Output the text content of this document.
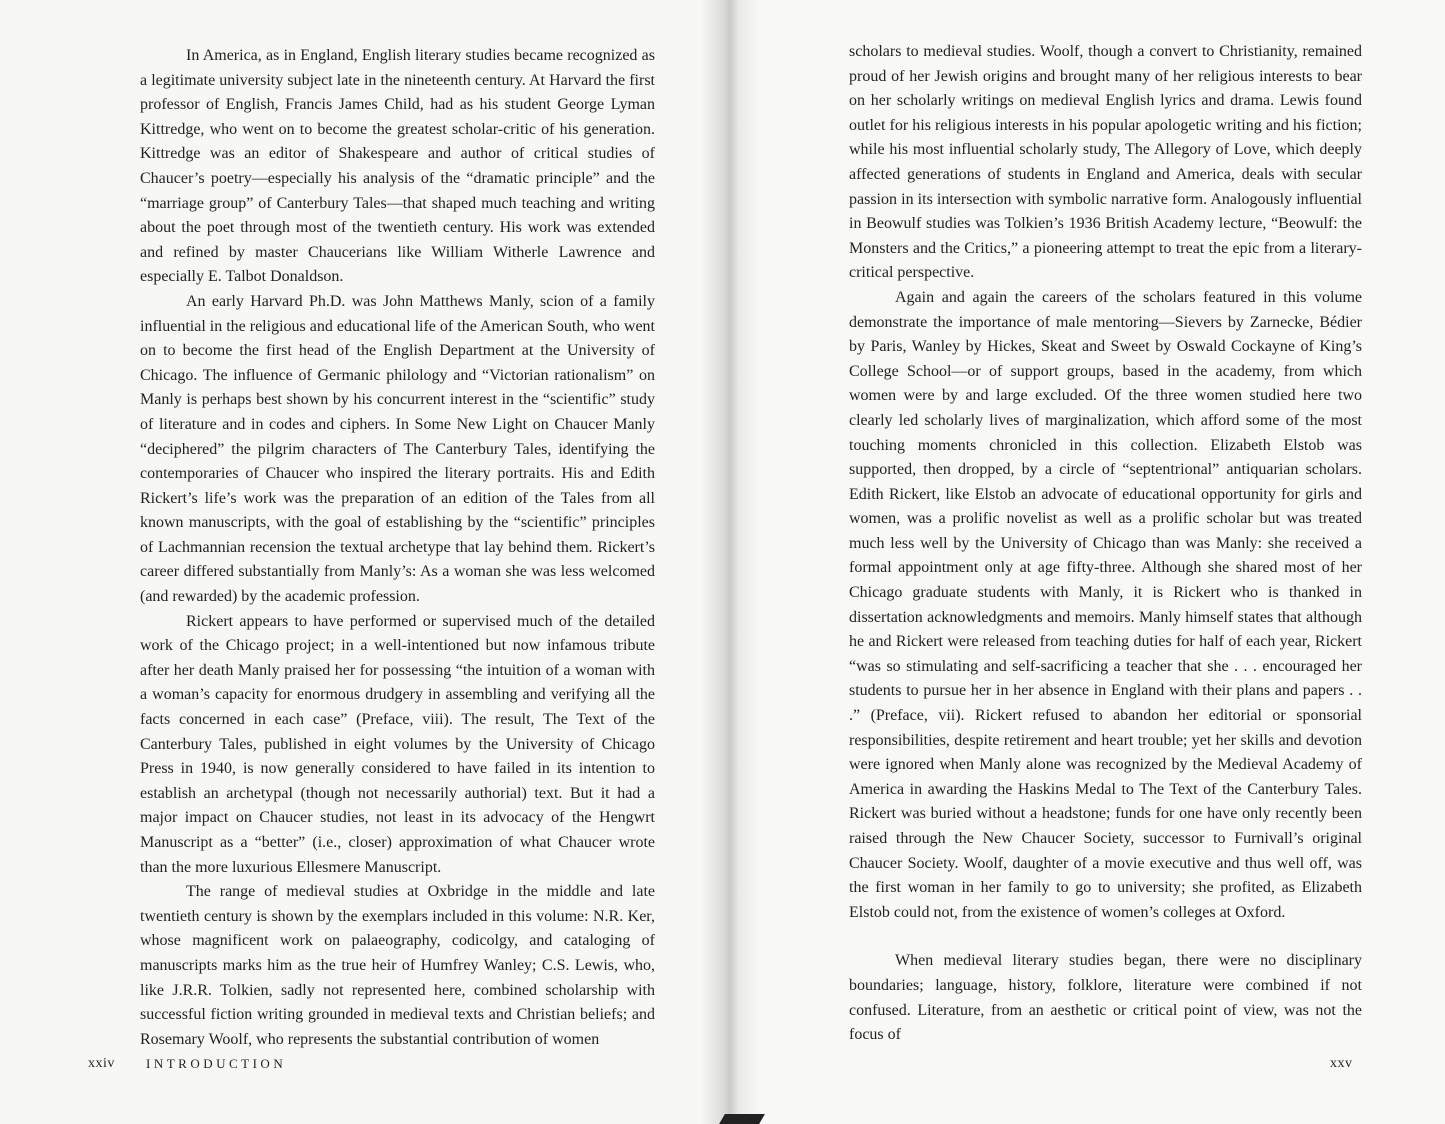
In America, as in England, English literary studies became recognized as a legitimate university subject late in the nineteenth century. At Harvard the first professor of English, Francis James Child, had as his student George Lyman Kittredge, who went on to become the greatest scholar-critic of his generation. Kittredge was an editor of Shakespeare and author of critical studies of Chaucer’s poetry—especially his analysis of the “dramatic principle” and the “marriage group” of Canterbury Tales—that shaped much teaching and writing about the poet through most of the twentieth century. His work was extended and refined by master Chaucerians like William Witherle Lawrence and especially E. Talbot Donaldson.

An early Harvard Ph.D. was John Matthews Manly, scion of a family influential in the religious and educational life of the American South, who went on to become the first head of the English Department at the University of Chicago. The influence of Germanic philology and “Victorian rationalism” on Manly is perhaps best shown by his concurrent interest in the “scientific” study of literature and in codes and ciphers. In Some New Light on Chaucer Manly “deciphered” the pilgrim characters of The Canterbury Tales, identifying the contemporaries of Chaucer who inspired the literary portraits. His and Edith Rickert’s life’s work was the preparation of an edition of the Tales from all known manuscripts, with the goal of establishing by the “scientific” principles of Lachmannian recension the textual archetype that lay behind them. Rickert’s career differed substantially from Manly’s: As a woman she was less welcomed (and rewarded) by the academic profession.

Rickert appears to have performed or supervised much of the detailed work of the Chicago project; in a well-intentioned but now infamous tribute after her death Manly praised her for possessing “the intuition of a woman with a woman’s capacity for enormous drudgery in assembling and verifying all the facts concerned in each case” (Preface, viii). The result, The Text of the Canterbury Tales, published in eight volumes by the University of Chicago Press in 1940, is now generally considered to have failed in its intention to establish an archetypal (though not necessarily authorial) text. But it had a major impact on Chaucer studies, not least in its advocacy of the Hengwrt Manuscript as a “better” (i.e., closer) approximation of what Chaucer wrote than the more luxurious Ellesmere Manuscript.

The range of medieval studies at Oxbridge in the middle and late twentieth century is shown by the exemplars included in this volume: N.R. Ker, whose magnificent work on palaeography, codicolgy, and cataloging of manuscripts marks him as the true heir of Humfrey Wanley; C.S. Lewis, who, like J.R.R. Tolkien, sadly not represented here, combined scholarship with successful fiction writing grounded in medieval texts and Christian beliefs; and Rosemary Woolf, who represents the substantial contribution of women

xxiv INTRODUCTION

scholars to medieval studies. Woolf, though a convert to Christianity, remained proud of her Jewish origins and brought many of her religious interests to bear on her scholarly writings on medieval English lyrics and drama. Lewis found outlet for his religious interests in his popular apologetic writing and his fiction; while his most influential scholarly study, The Allegory of Love, which deeply affected generations of students in England and America, deals with secular passion in its intersection with symbolic narrative form. Analogously influential in Beowulf studies was Tolkien’s 1936 British Academy lecture, “Beowulf: the Monsters and the Critics,” a pioneering attempt to treat the epic from a literary-critical perspective.

Again and again the careers of the scholars featured in this volume demonstrate the importance of male mentoring—Sievers by Zarnecke, Bédier by Paris, Wanley by Hickes, Skeat and Sweet by Oswald Cockayne of King’s College School—or of support groups, based in the academy, from which women were by and large excluded. Of the three women studied here two clearly led scholarly lives of marginalization, which afford some of the most touching moments chronicled in this collection. Elizabeth Elstob was supported, then dropped, by a circle of “septentrional” antiquarian scholars. Edith Rickert, like Elstob an advocate of educational opportunity for girls and women, was a prolific novelist as well as a prolific scholar but was treated much less well by the University of Chicago than was Manly: she received a formal appointment only at age fifty-three. Although she shared most of her Chicago graduate students with Manly, it is Rickert who is thanked in dissertation acknowledgments and memoirs. Manly himself states that although he and Rickert were released from teaching duties for half of each year, Rickert “was so stimulating and self-sacrificing a teacher that she . . . encouraged her students to pursue her in her absence in England with their plans and papers . . .” (Preface, vii). Rickert refused to abandon her editorial or sponsorial responsibilities, despite retirement and heart trouble; yet her skills and devotion were ignored when Manly alone was recognized by the Medieval Academy of America in awarding the Haskins Medal to The Text of the Canterbury Tales. Rickert was buried without a headstone; funds for one have only recently been raised through the New Chaucer Society, successor to Furnivall’s original Chaucer Society. Woolf, daughter of a movie executive and thus well off, was the first woman in her family to go to university; she profited, as Elizabeth Elstob could not, from the existence of women’s colleges at Oxford.

When medieval literary studies began, there were no disciplinary boundaries; language, history, folklore, literature were combined if not confused. Literature, from an aesthetic or critical point of view, was not the focus of

xxv
